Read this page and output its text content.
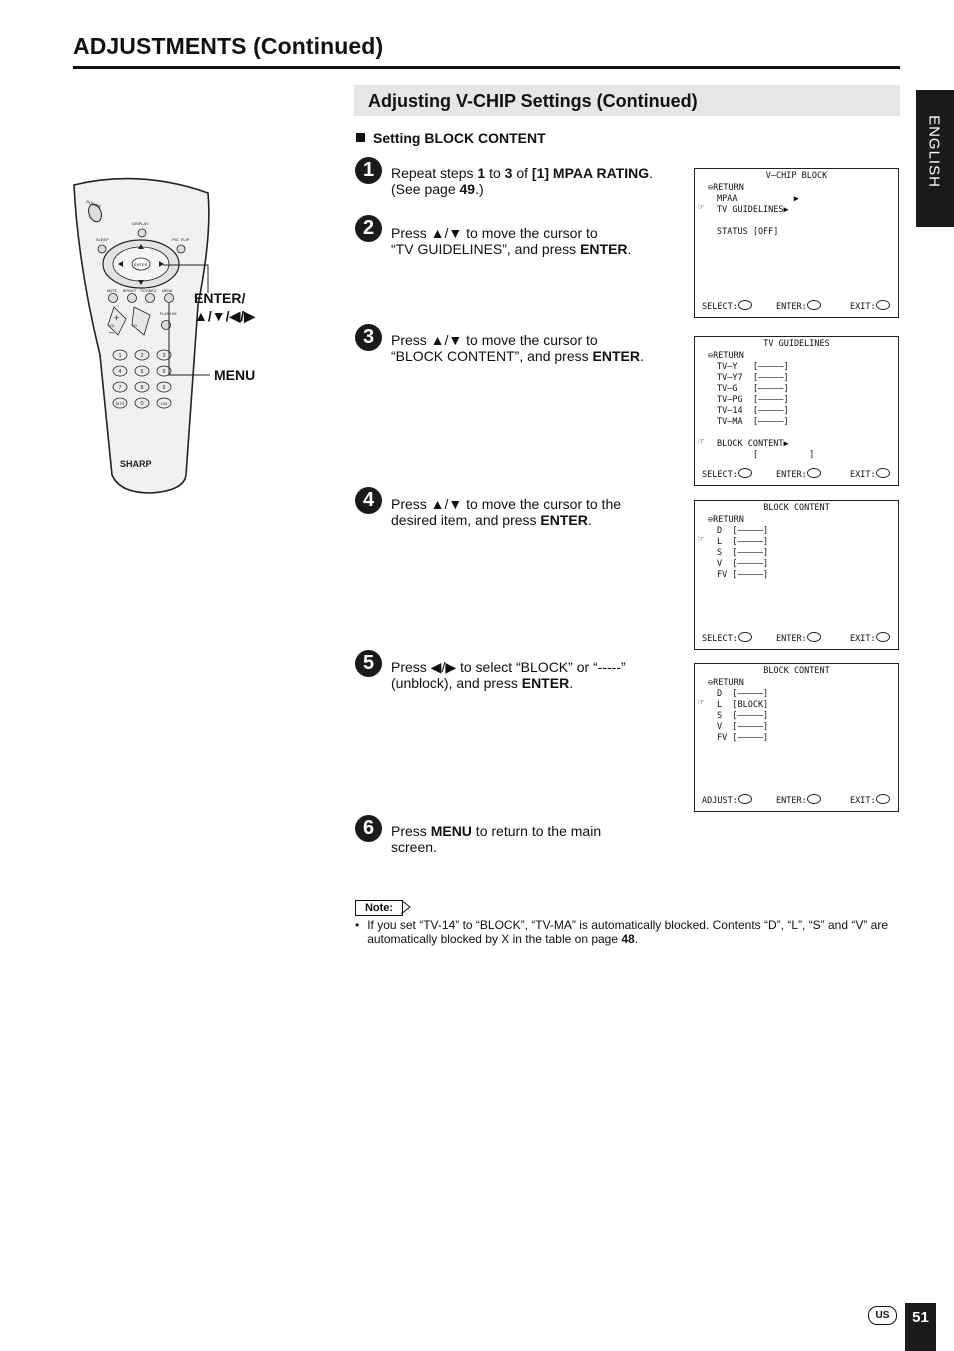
ADJUSTMENTS (Continued)
Adjusting V-CHIP Settings (Continued)
Setting BLOCK CONTENT	ENGLISH
POWER
DISPLAY
SLEEP	PIC. FLIP
ENTER
MUTE BRIGHT TV/VIDEO MENU
+
–
VOL	CH
FLASH BK
1	2	3
4	5	6
7	8	9
MTS	0	100
SHARP
ENTER/
▲/▼/◀/▶
MENU
1	Repeat steps 1 to 3 of [1] MPAA RATING. (See page 49.)
2	Press ▲/▼ to move the cursor to
“TV GUIDELINES”, and press ENTER.
3	Press ▲/▼ to move the cursor to
“BLOCK CONTENT”, and press ENTER.
4	Press ▲/▼ to move the cursor to the
desired item, and press ENTER.
5	Press ◀/▶ to select “BLOCK” or “-----”
(unblock), and press ENTER.
6	Press MENU to return to the main
screen.
V–CHIP BLOCK
⊖RETURN
MPAA           ▶
TV GUIDELINES▶
STATUS [OFF]
☞
SELECT:	ENTER:	EXIT:
TV GUIDELINES
⊖RETURN
TV–Y   [–––––]
TV–Y7  [–––––]
TV–G   [–––––]
TV–PG  [–––––]
TV–14  [–––––]
TV–MA  [–––––]
BLOCK CONTENT▶
[          ]
☞
SELECT:	ENTER:	EXIT:
BLOCK CONTENT
⊖RETURN
D  [–––––]
L  [–––––]
S  [–––––]
V  [–––––]
FV [–––––]
☞
SELECT:	ENTER:	EXIT:
BLOCK CONTENT
⊖RETURN
D  [–––––]
L  [BLOCK]
S  [–––––]
V  [–––––]
FV [–––––]
☞
ADJUST:	ENTER:	EXIT:
Note:
•	If you set “TV-14” to “BLOCK”, “TV-MA” is automatically blocked. Contents “D”, “L”, “S” and “V” are automatically blocked by X in the table on page 48.
US	51
